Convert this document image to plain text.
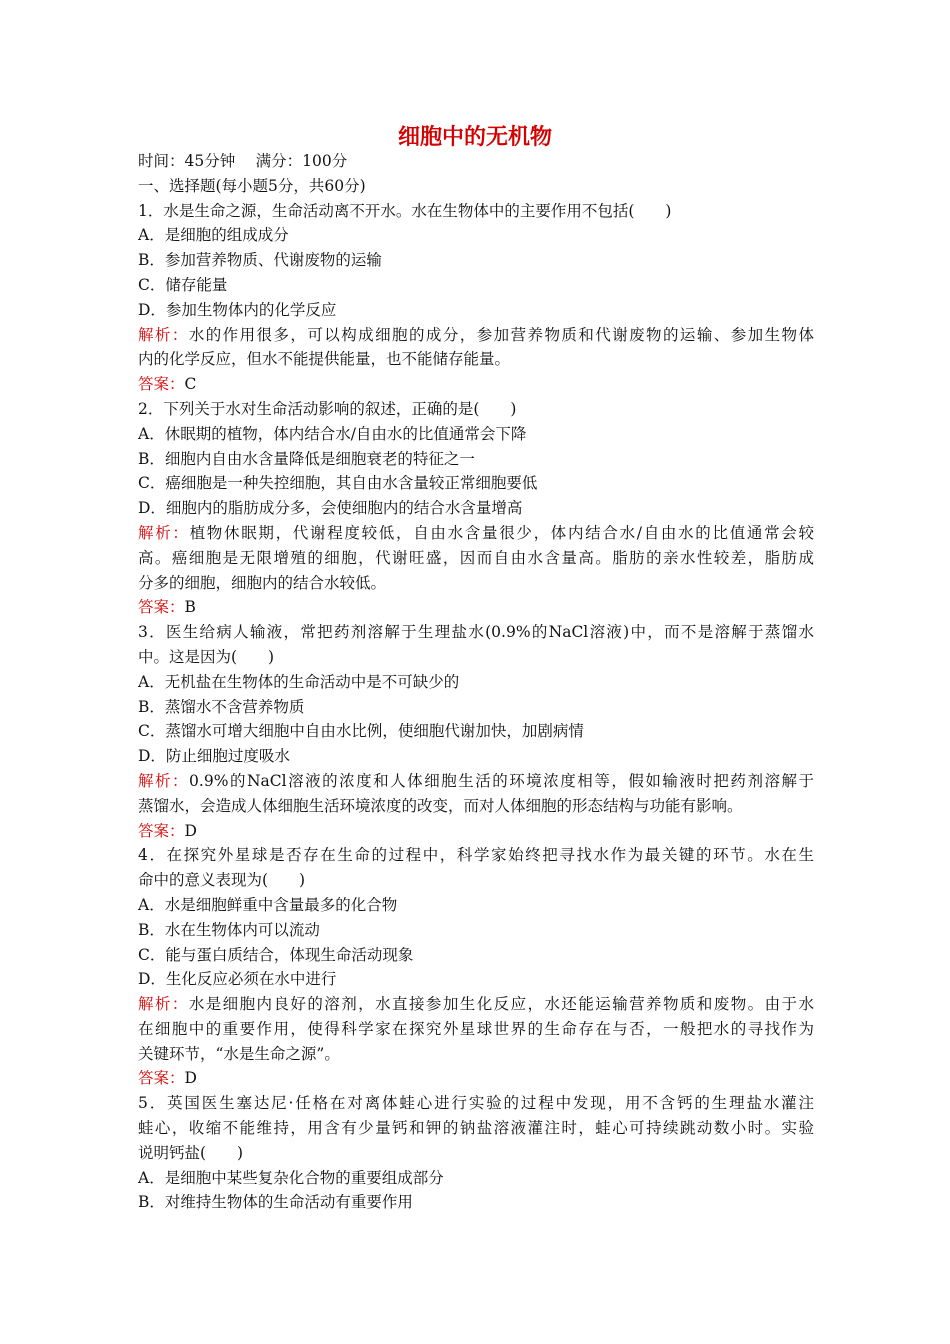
细胞中的无机物
时间：45分钟　 满分：100分
一、选择题(每小题5分，共60分)
1．水是生命之源，生命活动离不开水。水在生物体中的主要作用不包括(　　)
A．是细胞的组成成分
B．参加营养物质、代谢废物的运输
C．储存能量
D．参加生物体内的化学反应
解析：水的作用很多，可以构成细胞的成分，参加营养物质和代谢废物的运输、参加生物体
内的化学反应，但水不能提供能量，也不能储存能量。
答案：C
2．下列关于水对生命活动影响的叙述，正确的是(　　)
A．休眠期的植物，体内结合水/自由水的比值通常会下降
B．细胞内自由水含量降低是细胞衰老的特征之一
C．癌细胞是一种失控细胞，其自由水含量较正常细胞要低
D．细胞内的脂肪成分多，会使细胞内的结合水含量增高
解析：植物休眠期，代谢程度较低，自由水含量很少，体内结合水/自由水的比值通常会较
高。癌细胞是无限增殖的细胞，代谢旺盛，因而自由水含量高。脂肪的亲水性较差，脂肪成
分多的细胞，细胞内的结合水较低。
答案：B
3．医生给病人输液，常把药剂溶解于生理盐水(0.9%的NaCl溶液)中，而不是溶解于蒸馏水
中。这是因为(　　)
A．无机盐在生物体的生命活动中是不可缺少的
B．蒸馏水不含营养物质
C．蒸馏水可增大细胞中自由水比例，使细胞代谢加快，加剧病情
D．防止细胞过度吸水
解析：0.9%的NaCl溶液的浓度和人体细胞生活的环境浓度相等，假如输液时把药剂溶解于
蒸馏水，会造成人体细胞生活环境浓度的改变，而对人体细胞的形态结构与功能有影响。
答案：D
4．在探究外星球是否存在生命的过程中，科学家始终把寻找水作为最关键的环节。水在生
命中的意义表现为(　　)
A．水是细胞鲜重中含量最多的化合物
B．水在生物体内可以流动
C．能与蛋白质结合，体现生命活动现象
D．生化反应必须在水中进行
解析：水是细胞内良好的溶剂，水直接参加生化反应，水还能运输营养物质和废物。由于水
在细胞中的重要作用，使得科学家在探究外星球世界的生命存在与否，一般把水的寻找作为
关键环节，“水是生命之源”。
答案：D
5．英国医生塞达尼·任格在对离体蛙心进行实验的过程中发现，用不含钙的生理盐水灌注
蛙心，收缩不能维持，用含有少量钙和钾的钠盐溶液灌注时，蛙心可持续跳动数小时。实验
说明钙盐(　　)
A．是细胞中某些复杂化合物的重要组成部分
B．对维持生物体的生命活动有重要作用
